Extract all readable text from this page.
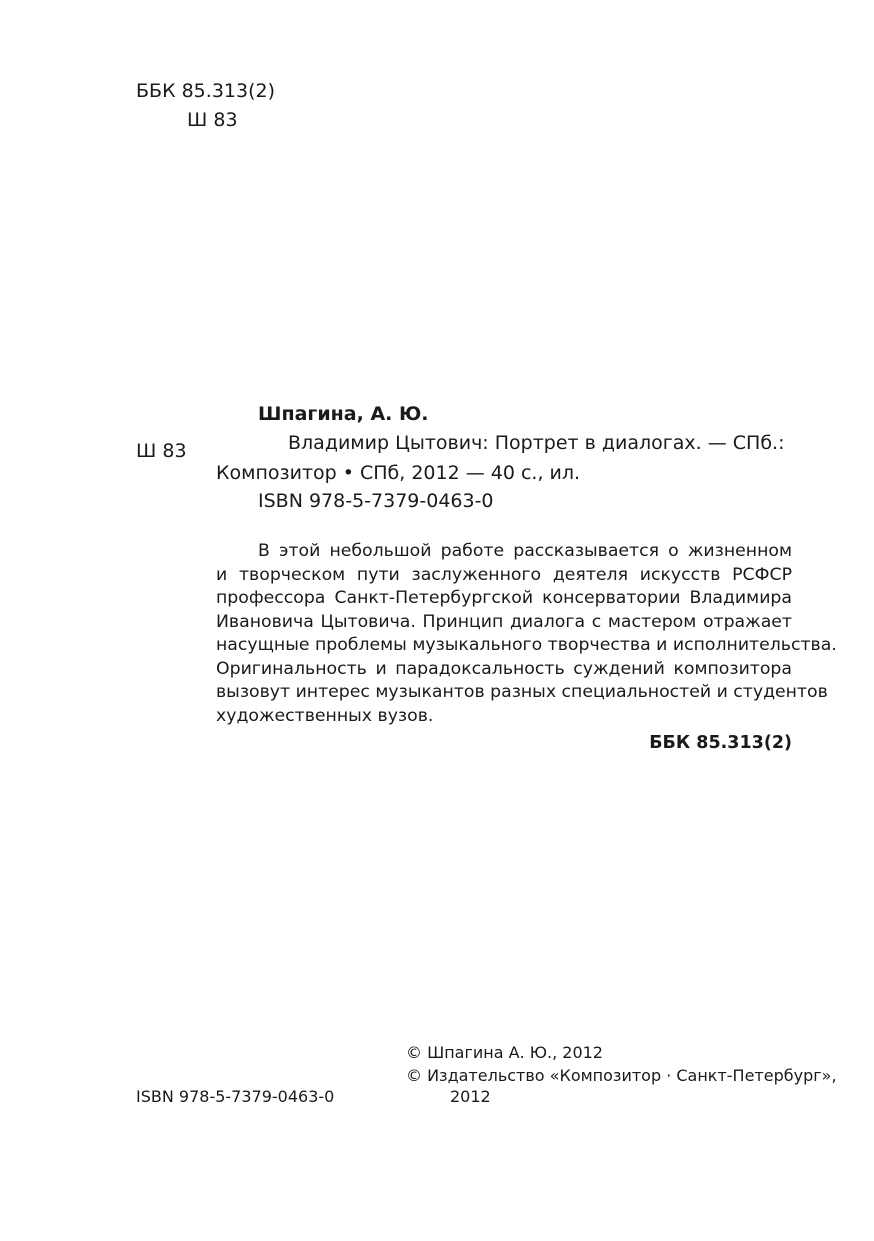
ББК 85.313(2)
Ш 83
Шпагина, А. Ю.
Ш 83	Владимир Цытович: Портрет в диалогах. — СПб.:
Композитор • СПб, 2012 — 40 с., ил.
ISBN 978-5-7379-0463-0
В этой небольшой работе рассказывается о жизненном
и творческом пути заслуженного деятеля искусств РСФСР
профессора Санкт-Петербургской консерватории Владимира
Ивановича Цытовича. Принцип диалога с мастером отражает
насущные проблемы музыкального творчества и исполнительства.
Оригинальность и парадоксальность суждений композитора
вызовут интерес музыкантов разных специальностей и студентов
художественных вузов.
ББК 85.313(2)
© Шпагина А. Ю., 2012
© Издательство «Композитор · Санкт-Петербург»,
2012
ISBN 978-5-7379-0463-0
